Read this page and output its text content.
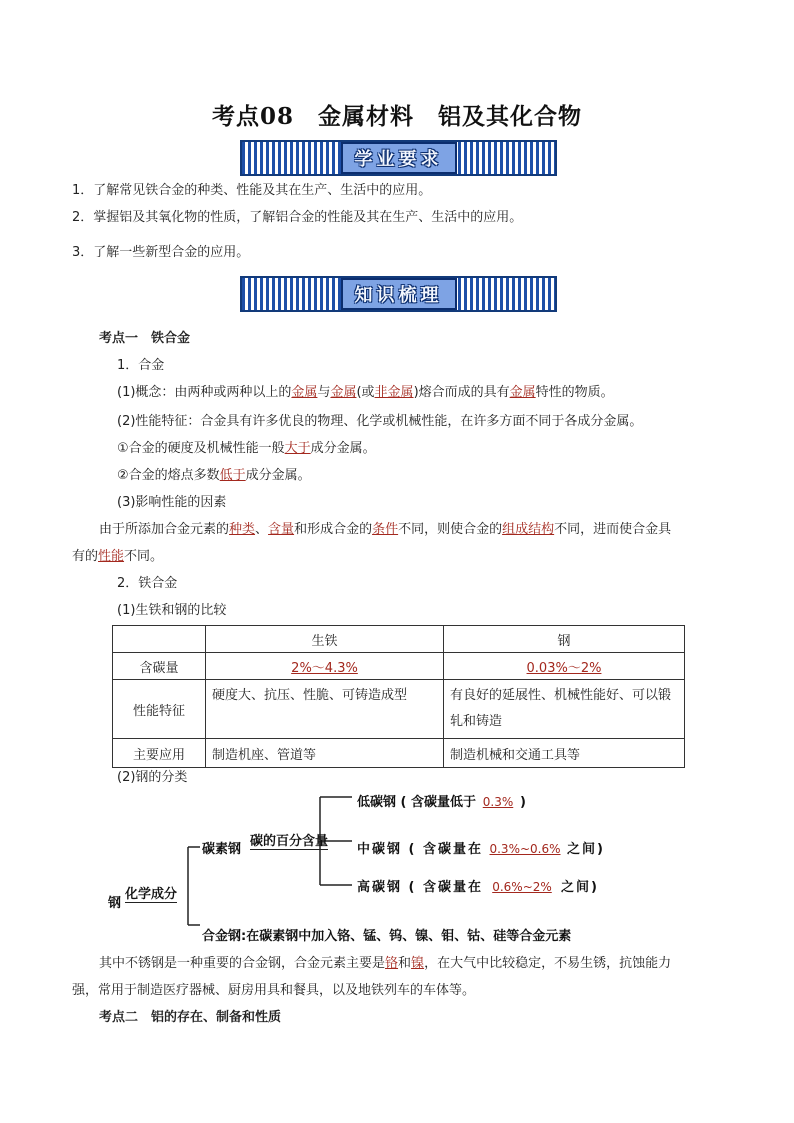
考点08　金属材料　铝及其化合物
学业要求
1．了解常见铁合金的种类、性能及其在生产、生活中的应用。
2．掌握铝及其氧化物的性质，了解铝合金的性能及其在生产、生活中的应用。
3．了解一些新型合金的应用。
知识梳理
考点一　铁合金
1．合金
(1)概念：由两种或两种以上的金属与金属(或非金属)熔合而成的具有金属特性的物质。
(2)性能特征：合金具有许多优良的物理、化学或机械性能，在许多方面不同于各成分金属。
①合金的硬度及机械性能一般大于成分金属。
②合金的熔点多数低于成分金属。
(3)影响性能的因素
由于所添加合金元素的种类、含量和形成合金的条件不同，则使合金的组成结构不同，进而使合金具
有的性能不同。
2．铁合金
(1)生铁和钢的比较
	生铁	钢
含碳量	2%～4.3%	0.03%～2%
性能特征	硬度大、抗压、性脆、可铸造成型	有良好的延展性、机械性能好、可以锻轧和铸造
主要应用	制造机座、管道等	制造机械和交通工具等
(2)钢的分类
钢
化学成分
碳素钢
碳的百分含量
低碳钢 ( 含碳量低于 0.3% )
中碳钢 ( 含碳量在 0.3%~0.6% 之间)
高碳钢 ( 含碳量在 0.6%~2% 之间)
合金钢:在碳素钢中加入铬、锰、钨、镍、钼、钴、硅等合金元素
其中不锈钢是一种重要的合金钢，合金元素主要是铬和镍，在大气中比较稳定，不易生锈，抗蚀能力
强，常用于制造医疗器械、厨房用具和餐具，以及地铁列车的车体等。
考点二　铝的存在、制备和性质
